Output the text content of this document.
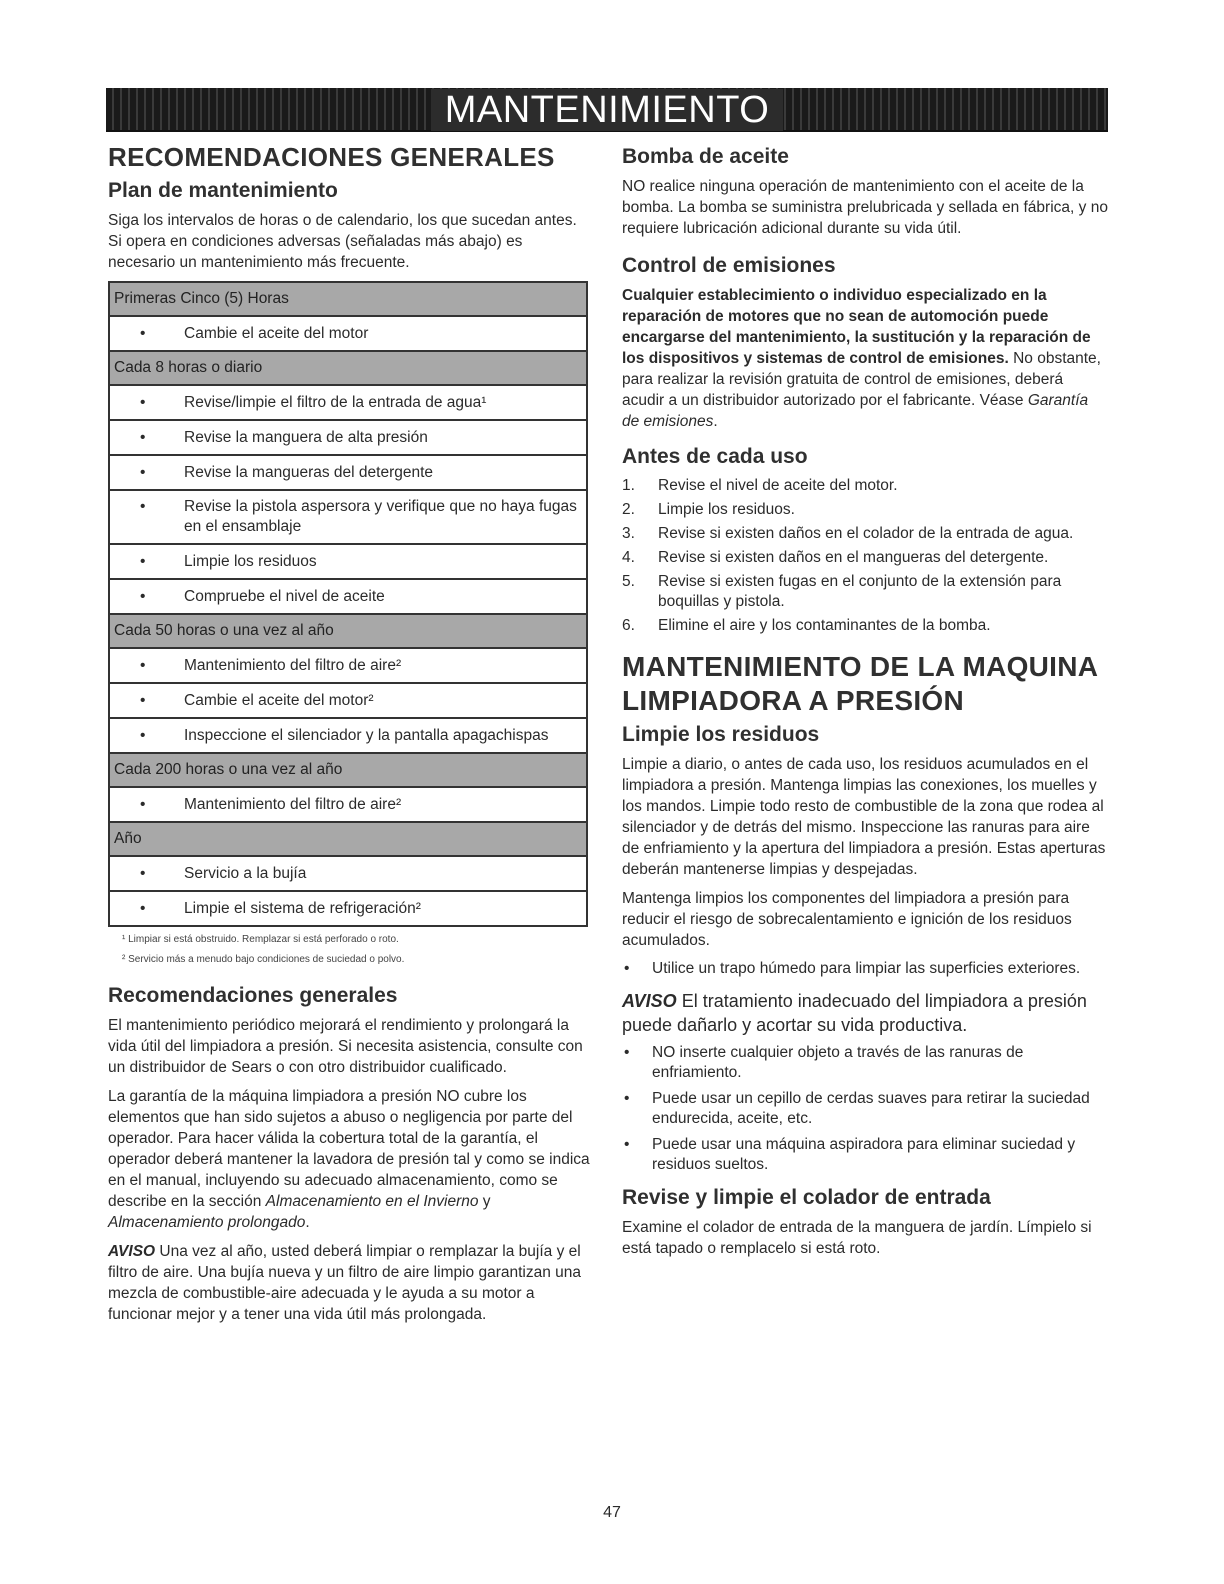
MANTENIMIENTO
RECOMENDACIONES GENERALES
Plan de mantenimiento

Siga los intervalos de horas o de calendario, los que sucedan antes. Si opera en condiciones adversas (señaladas más abajo) es necesario un mantenimiento más frecuente.

Primeras Cinco (5) Horas

•	Cambie el aceite del motor

Cada 8 horas o diario

•	Revise/limpie el filtro de la entrada de agua¹

•	Revise la manguera de alta presión

•	Revise la mangueras del detergente

•	Revise la pistola aspersora y verifique que no haya fugas en el ensamblaje

•	Limpie los residuos

•	Compruebe el nivel de aceite

Cada 50 horas o una vez al año

•	Mantenimiento del filtro de aire²

•	Cambie el aceite del motor²

•	Inspeccione el silenciador y la pantalla apagachispas

Cada 200 horas o una vez al año

•	Mantenimiento del filtro de aire²

Año

•	Servicio a la bujía

•	Limpie el sistema de refrigeración²
¹ Limpiar si está obstruido. Remplazar si está perforado o roto.
² Servicio más a menudo bajo condiciones de suciedad o polvo.
Recomendaciones generales

El mantenimiento periódico mejorará el rendimiento y prolongará la vida útil del limpiadora a presión. Si necesita asistencia, consulte con un distribuidor de Sears o con otro distribuidor cualificado.

La garantía de la máquina limpiadora a presión NO cubre los elementos que han sido sujetos a abuso o negligencia por parte del operador. Para hacer válida la cobertura total de la garantía, el operador deberá mantener la lavadora de presión tal y como se indica en el manual, incluyendo su adecuado almacenamiento, como se describe en la sección Almacenamiento en el Invierno y Almacenamiento prolongado.

AVISO Una vez al año, usted deberá limpiar o remplazar la bujía y el filtro de aire. Una bujía nueva y un filtro de aire limpio garantizan una mezcla de combustible-aire adecuada y le ayuda a su motor a funcionar mejor y a tener una vida útil más prolongada.

Bomba de aceite

NO realice ninguna operación de mantenimiento con el aceite de la bomba. La bomba se suministra prelubricada y sellada en fábrica, y no requiere lubricación adicional durante su vida útil.

Control de emisiones

Cualquier establecimiento o individuo especializado en la reparación de motores que no sean de automoción puede encargarse del mantenimiento, la sustitución y la reparación de los dispositivos y sistemas de control de emisiones. No obstante, para realizar la revisión gratuita de control de emisiones, deberá acudir a un distribuidor autorizado por el fabricante. Véase Garantía de emisiones.

Antes de cada uso
1.	Revise el nivel de aceite del motor.
2.	Limpie los residuos.
3.	Revise si existen daños en el colador de la entrada de agua.
4.	Revise si existen daños en el mangueras del detergente.
5.	Revise si existen fugas en el conjunto de la extensión para boquillas y pistola.
6.	Elimine el aire y los contaminantes de la bomba.
MANTENIMIENTO DE LA MAQUINA LIMPIADORA A PRESIÓN
Limpie los residuos

Limpie a diario, o antes de cada uso, los residuos acumulados en el limpiadora a presión. Mantenga limpias las conexiones, los muelles y los mandos. Limpie todo resto de combustible de la zona que rodea al silenciador y de detrás del mismo. Inspeccione las ranuras para aire de enfriamiento y la apertura del limpiadora a presión. Estas aperturas deberán mantenerse limpias y despejadas.

Mantenga limpios los componentes del limpiadora a presión para reducir el riesgo de sobrecalentamiento e ignición de los residuos acumulados.

•	Utilice un trapo húmedo para limpiar las superficies exteriores.

AVISO El tratamiento inadecuado del limpiadora a presión puede dañarlo y acortar su vida productiva.

•	NO inserte cualquier objeto a través de las ranuras de enfriamiento.
•	Puede usar un cepillo de cerdas suaves para retirar la suciedad endurecida, aceite, etc.
•	Puede usar una máquina aspiradora para eliminar suciedad y residuos sueltos.
Revise y limpie el colador de entrada

Examine el colador de entrada de la manguera de jardín. Límpielo si está tapado o remplacelo si está roto.

47
